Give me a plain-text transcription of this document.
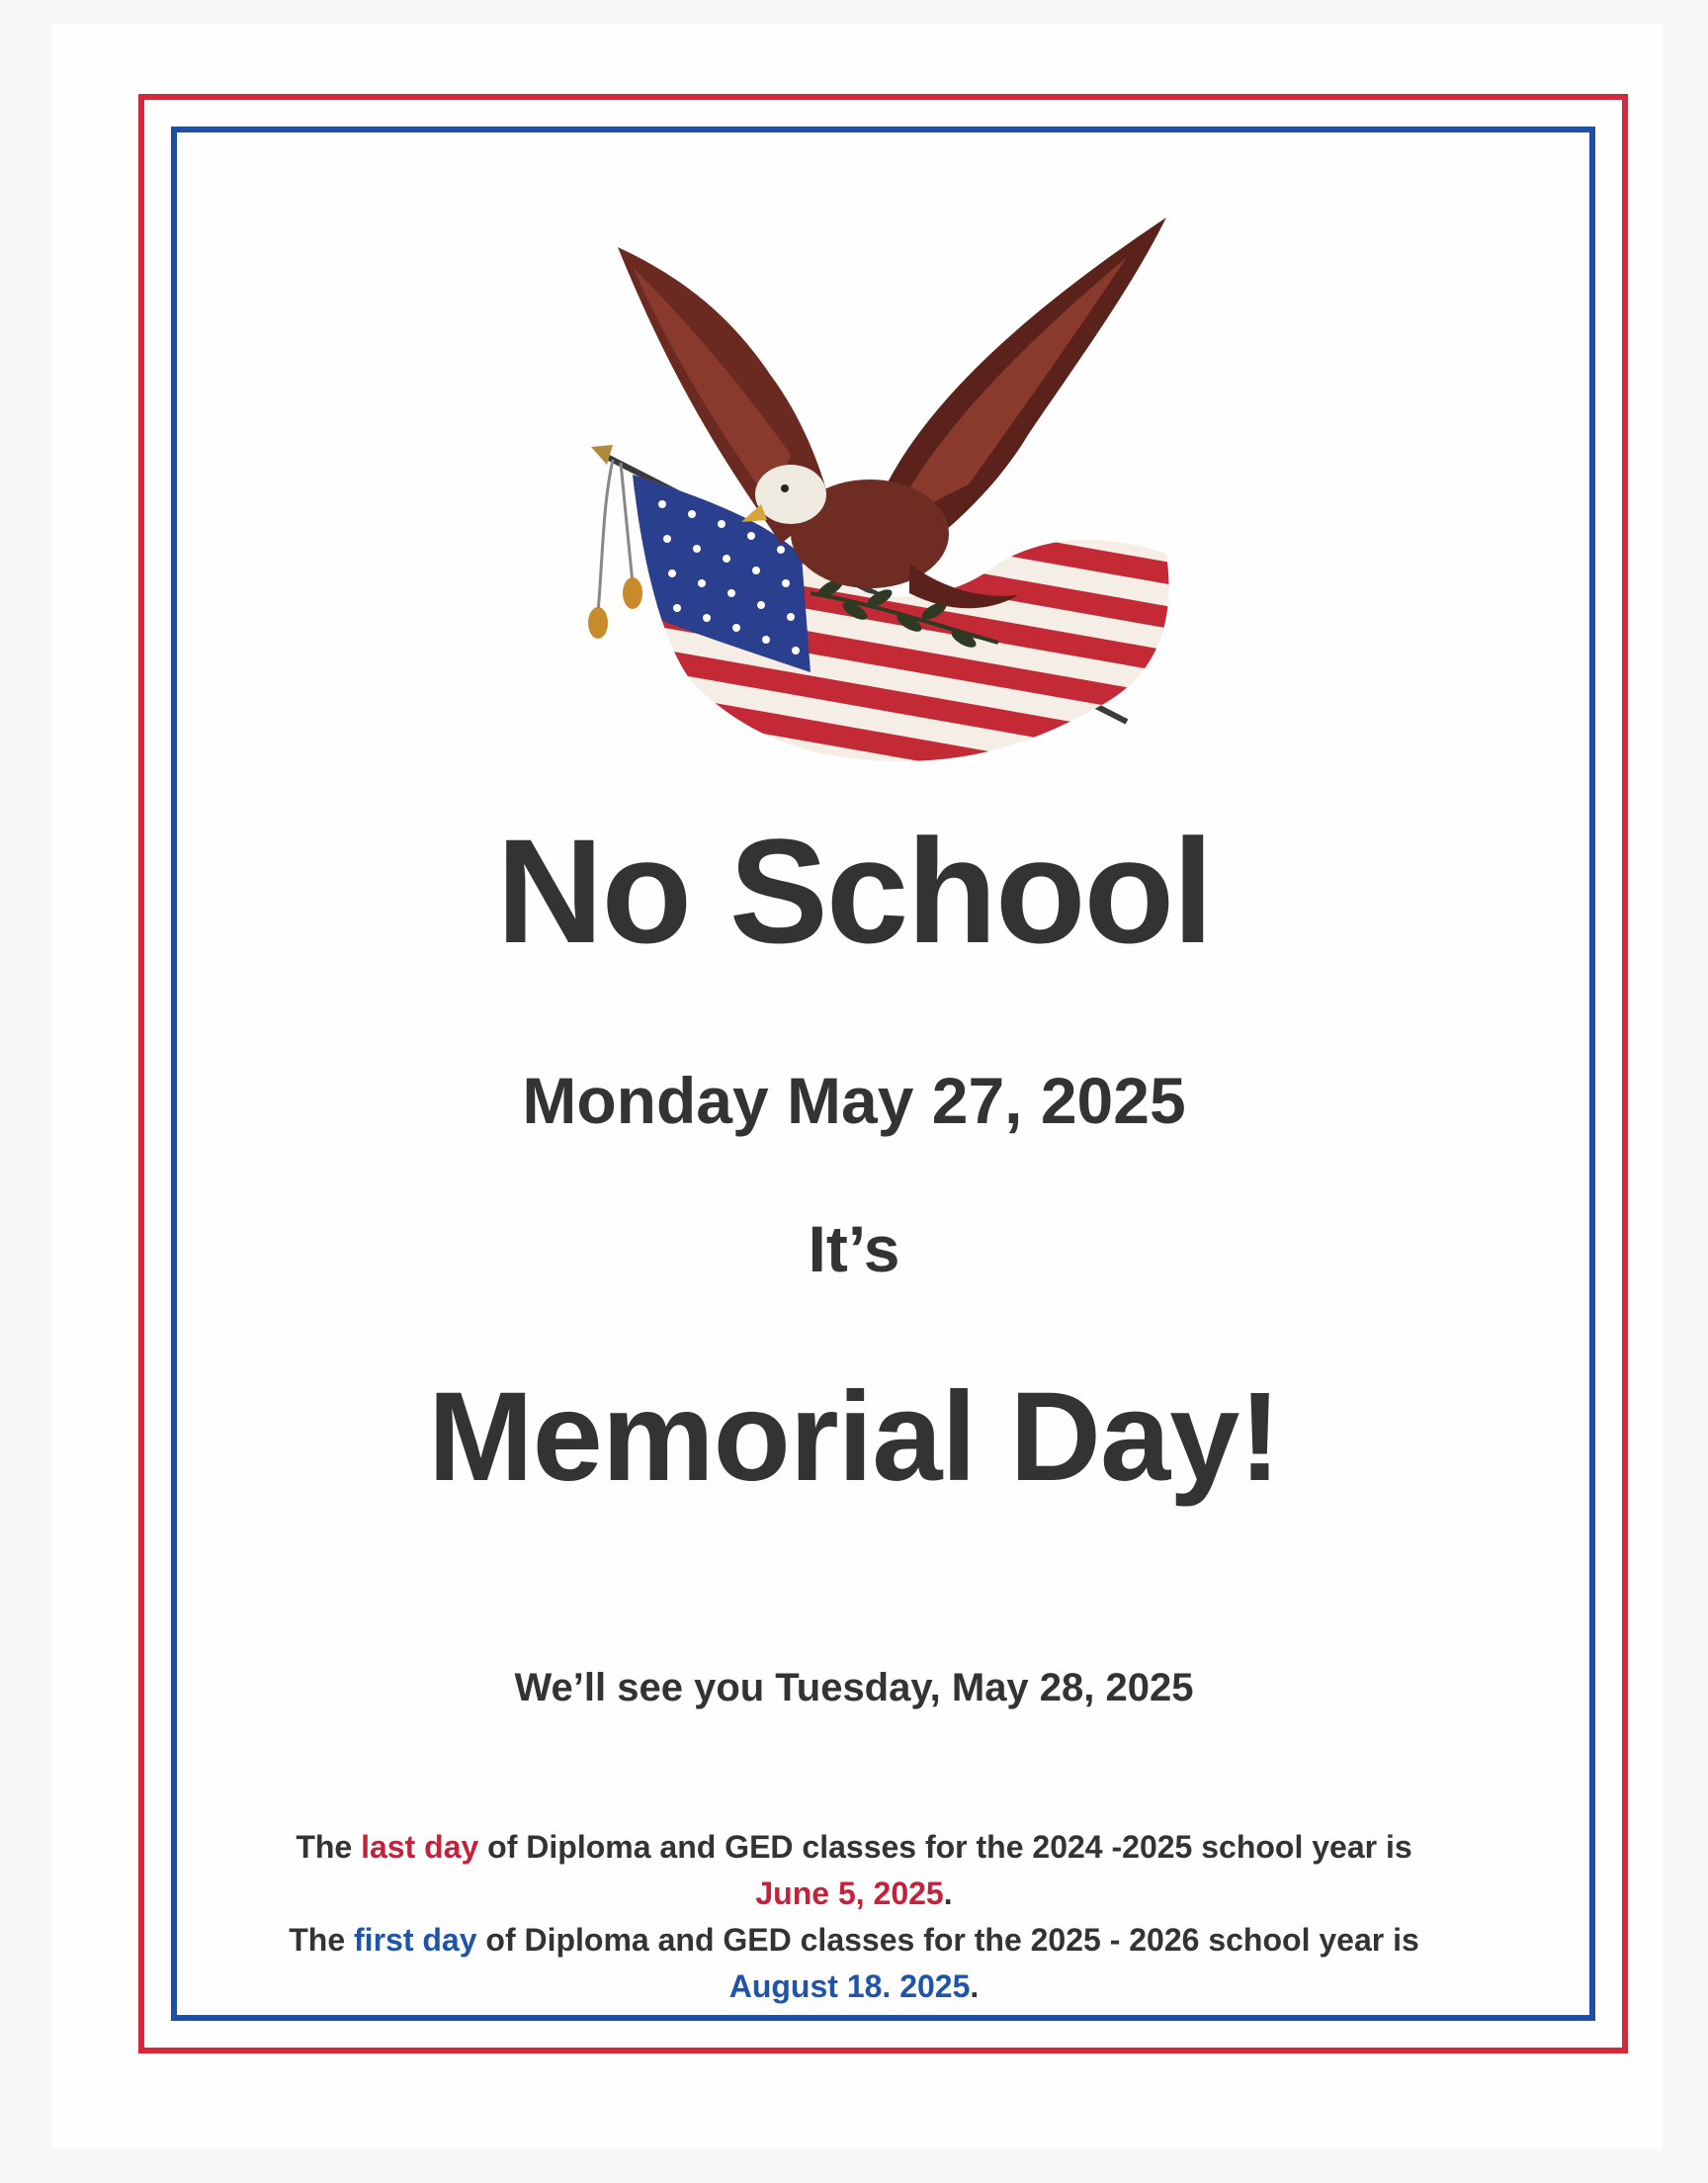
No School

Monday May 27, 2025

It’s

Memorial Day!

We’ll see you Tuesday, May 28, 2025

The last day of Diploma and GED classes for the 2024 -2025 school year is

June 5, 2025.

The first day of Diploma and GED classes for the 2025 - 2026 school year is

August 18. 2025.
